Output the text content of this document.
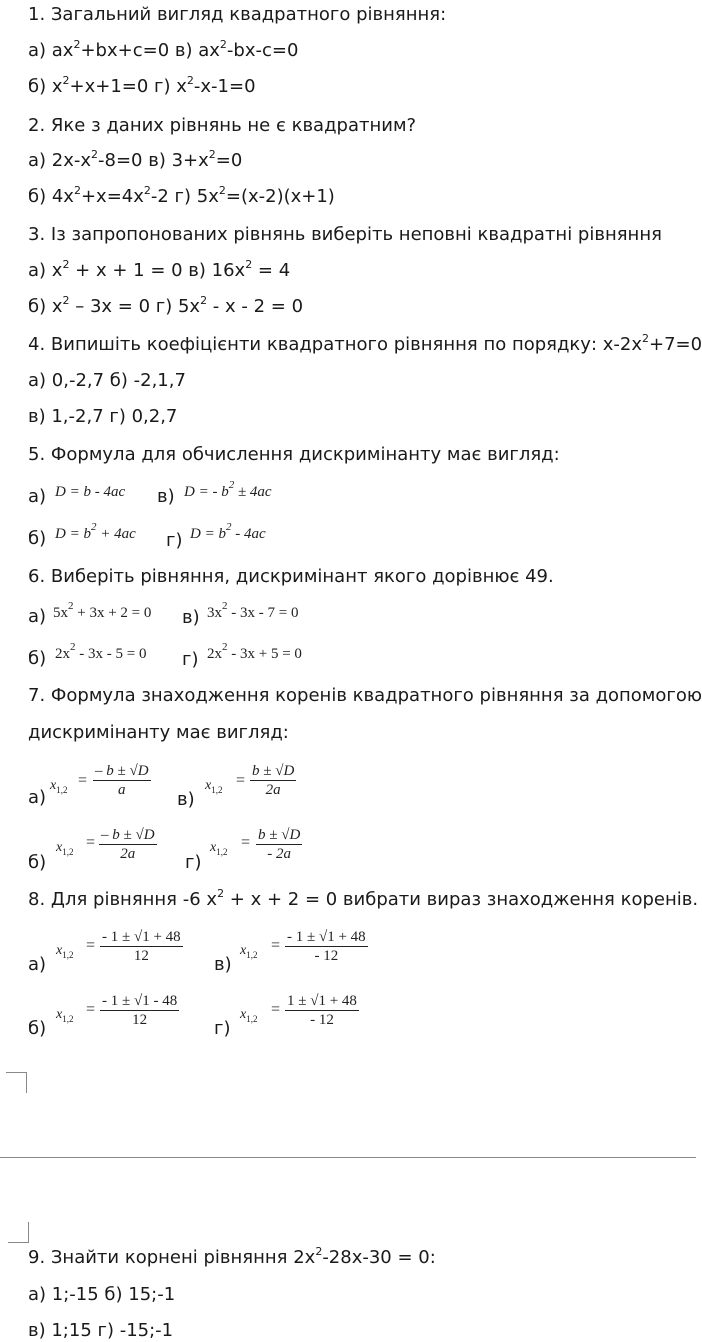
1. Загальний вигляд квадратного рівняння:
а) $ax^2+bx+c=0$ в) $ax^2-bx-c=0$
б) $x^2+x+1=0$ г) $x^2-x-1=0$
2. Яке з даних рівнянь не є квадратним?
а) $2x-x^2-8=0$ в) $3+x^2=0$
б) $4x^2+x=4x^2-2$ г) $5x^2=(x-2)(x+1)$
3. Із запропонованих рівнянь виберіть неповні квадратні рівняння
а) $x^2 + x + 1 = 0$ в) $16x^2 = 4$
б) $x^2 - 3x = 0$ г) $5x^2 - x - 2 = 0$
4. Випишіть коефіцієнти квадратного рівняння по порядку: $x-2x^2+7=0$
а) 0,-2,7 б) -2,1,7
в) 1,-2,7 г) 0,2,7
5. Формула для обчислення дискримінанту має вигляд:
а) D = b - 4ac в) D = - $b^2 \pm 4ac$
б) $D = b^2 + 4ac$ г) $D = b^2 - 4ac$
6. Виберіть рівняння, дискримінант якого дорівнює 49.
а) $5x^2 + 3x + 2 = 0$ в) $3x^2 - 3x - 7 = 0$
б) $2x^2 - 3x - 5 = 0$ г) $2x^2 - 3x + 5 = 0$
7. Формула знаходження коренів квадратного рівняння за допомогою
дискримінанту має вигляд:
а)
$x_{1,2}$
= $\frac{- b \pm √D}{a}$
в)
$x_{1,2}$
= $\frac{b \pm √D}{2a}$
б)
$x_{1,2}$
= $\frac{- b \pm √D}{2a} г$)
$x_{1,2}$
= $\frac{b \pm √D}{- 2a}$
8. Для рівняння -6 $x^2 + x + 2 = 0$ вибрати вираз знаходження коренів.
а)
$x_{1,2}$
= $\frac{- 1 \pm √1 + 48}{12} в$)
$x_{1,2}$
= $\frac{- 1 \pm √1 + 48}{- 12}$
б)
$x_{1,2}$
= $\frac{- 1 \pm √1 - 48}{12} г$)
$x_{1,2}$
= $\frac{1 \pm √1 + 48}{- 12}$
9. Знайти корнені рівняння $2x^2-28x-30 = 0$:
а) 1;-15 б) 15;-1
в) 1;15 г) -15;-1
